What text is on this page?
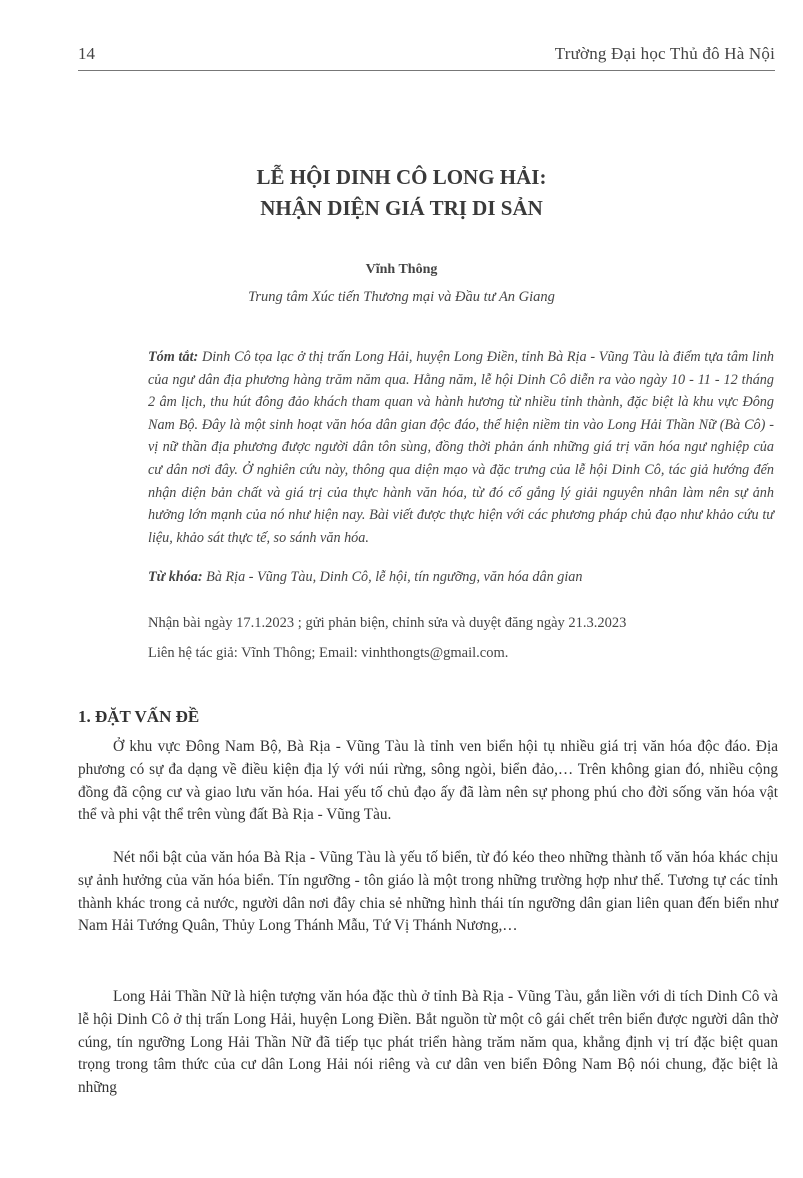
14	Trường Đại học Thủ đô Hà Nội
LỄ HỘI DINH CÔ LONG HẢI:
NHẬN DIỆN GIÁ TRỊ DI SẢN
Vĩnh Thông
Trung tâm Xúc tiến Thương mại và Đầu tư An Giang

Tóm tắt: Dinh Cô tọa lạc ở thị trấn Long Hải, huyện Long Điền, tỉnh Bà Rịa - Vũng Tàu là điểm tựa tâm linh của ngư dân địa phương hàng trăm năm qua. Hằng năm, lễ hội Dinh Cô diễn ra vào ngày 10 - 11 - 12 tháng 2 âm lịch, thu hút đông đảo khách tham quan và hành hương từ nhiều tỉnh thành, đặc biệt là khu vực Đông Nam Bộ. Đây là một sinh hoạt văn hóa dân gian độc đáo, thể hiện niềm tin vào Long Hải Thần Nữ (Bà Cô) - vị nữ thần địa phương được người dân tôn sùng, đồng thời phản ánh những giá trị văn hóa ngư nghiệp của cư dân nơi đây. Ở nghiên cứu này, thông qua diện mạo và đặc trưng của lễ hội Dinh Cô, tác giả hướng đến nhận diện bản chất và giá trị của thực hành văn hóa, từ đó cố gắng lý giải nguyên nhân làm nên sự ảnh hưởng lớn mạnh của nó như hiện nay. Bài viết được thực hiện với các phương pháp chủ đạo như khảo cứu tư liệu, khảo sát thực tế, so sánh văn hóa.

Từ khóa: Bà Rịa - Vũng Tàu, Dinh Cô, lễ hội, tín ngưỡng, văn hóa dân gian

Nhận bài ngày 17.1.2023 ; gửi phản biện, chỉnh sửa và duyệt đăng ngày 21.3.2023

Liên hệ tác giả: Vĩnh Thông; Email: vinhthongts@gmail.com.

1. ĐẶT VẤN ĐỀ

Ở khu vực Đông Nam Bộ, Bà Rịa - Vũng Tàu là tỉnh ven biển hội tụ nhiều giá trị văn hóa độc đáo. Địa phương có sự đa dạng về điều kiện địa lý với núi rừng, sông ngòi, biển đảo,… Trên không gian đó, nhiều cộng đồng đã cộng cư và giao lưu văn hóa. Hai yếu tố chủ đạo ấy đã làm nên sự phong phú cho đời sống văn hóa vật thể và phi vật thể trên vùng đất Bà Rịa - Vũng Tàu.

Nét nổi bật của văn hóa Bà Rịa - Vũng Tàu là yếu tố biển, từ đó kéo theo những thành tố văn hóa khác chịu sự ảnh hưởng của văn hóa biển. Tín ngưỡng - tôn giáo là một trong những trường hợp như thế. Tương tự các tỉnh thành khác trong cả nước, người dân nơi đây chia sẻ những hình thái tín ngưỡng dân gian liên quan đến biển như Nam Hải Tướng Quân, Thủy Long Thánh Mẫu, Tứ Vị Thánh Nương,…

Long Hải Thần Nữ là hiện tượng văn hóa đặc thù ở tỉnh Bà Rịa - Vũng Tàu, gắn liền với di tích Dinh Cô và lễ hội Dinh Cô ở thị trấn Long Hải, huyện Long Điền. Bắt nguồn từ một cô gái chết trên biển được người dân thờ cúng, tín ngưỡng Long Hải Thần Nữ đã tiếp tục phát triển hàng trăm năm qua, khẳng định vị trí đặc biệt quan trọng trong tâm thức của cư dân Long Hải nói riêng và cư dân ven biển Đông Nam Bộ nói chung, đặc biệt là những
